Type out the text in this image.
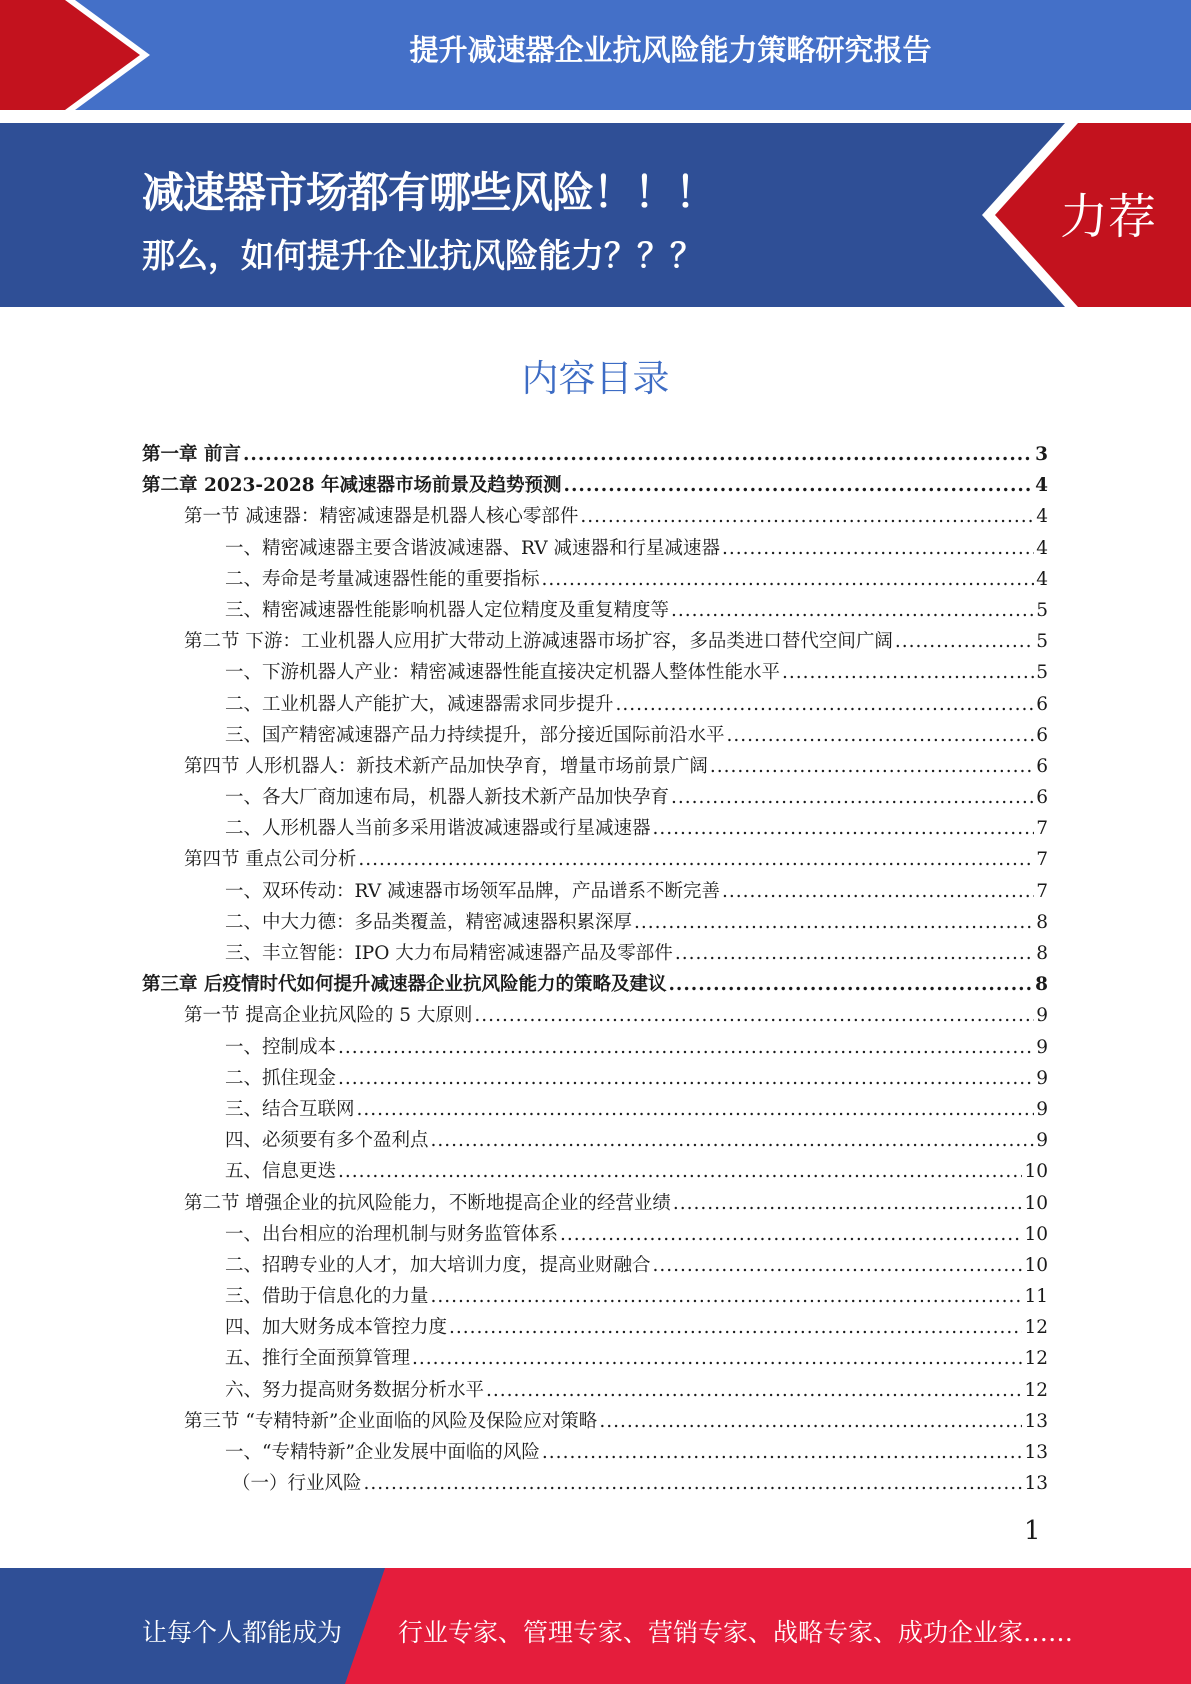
提升减速器企业抗风险能力策略研究报告
减速器市场都有哪些风险！！！
那么，如何提升企业抗风险能力？？？
力荐
内容目录
第一章 前言 .....	3
第二章 2023-2028 年减速器市场前景及趋势预测 .....	4
第一节 减速器：精密减速器是机器人核心零部件 .....	4
一、精密减速器主要含谐波减速器、RV 减速器和行星减速器 .....	4
二、寿命是考量减速器性能的重要指标 .....	4
三、精密减速器性能影响机器人定位精度及重复精度等 .....	5
第二节 下游：工业机器人应用扩大带动上游减速器市场扩容，多品类进口替代空间广阔 .....	5
一、下游机器人产业：精密减速器性能直接决定机器人整体性能水平 .....	5
二、工业机器人产能扩大，减速器需求同步提升 .....	6
三、国产精密减速器产品力持续提升，部分接近国际前沿水平 .....	6
第四节 人形机器人：新技术新产品加快孕育，增量市场前景广阔 .....	6
一、各大厂商加速布局，机器人新技术新产品加快孕育 .....	6
二、人形机器人当前多采用谐波减速器或行星减速器 .....	7
第四节 重点公司分析 .....	7
一、双环传动：RV 减速器市场领军品牌，产品谱系不断完善 .....	7
二、中大力德：多品类覆盖，精密减速器积累深厚 .....	8
三、丰立智能：IPO 大力布局精密减速器产品及零部件 .....	8
第三章 后疫情时代如何提升减速器企业抗风险能力的策略及建议 .....	8
第一节 提高企业抗风险的 5 大原则 .....	9
一、控制成本 .....	9
二、抓住现金 .....	9
三、结合互联网 .....	9
四、必须要有多个盈利点 .....	9
五、信息更迭 .....	10
第二节 增强企业的抗风险能力，不断地提高企业的经营业绩 .....	10
一、出台相应的治理机制与财务监管体系 .....	10
二、招聘专业的人才，加大培训力度，提高业财融合 .....	10
三、借助于信息化的力量 .....	11
四、加大财务成本管控力度 .....	12
五、推行全面预算管理 .....	12
六、努力提高财务数据分析水平 .....	12
第三节 “专精特新”企业面临的风险及保险应对策略 .....	13
一、“专精特新”企业发展中面临的风险 .....	13
（一）行业风险 .....	13
1
让每个人都能成为 行业专家、管理专家、营销专家、战略专家、成功企业家……
